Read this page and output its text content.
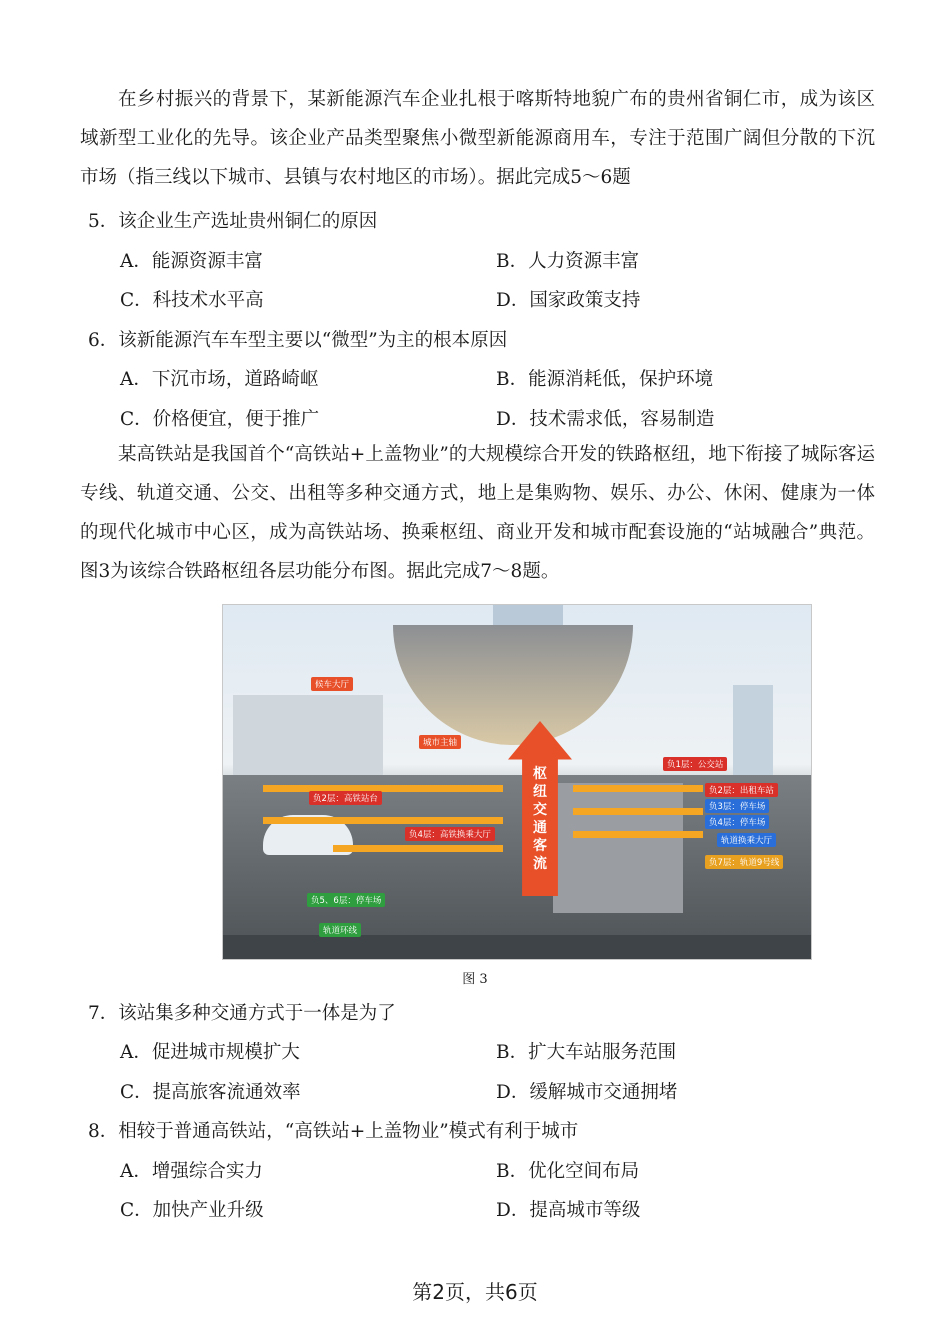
在乡村振兴的背景下，某新能源汽车企业扎根于喀斯特地貌广布的贵州省铜仁市，成为该区域新型工业化的先导。该企业产品类型聚焦小微型新能源商用车，专注于范围广阔但分散的下沉市场（指三线以下城市、县镇与农村地区的市场）。据此完成5～6题
5．该企业生产选址贵州铜仁的原因
A．能源资源丰富	B．人力资源丰富
C．科技术水平高	D．国家政策支持
6．该新能源汽车车型主要以“微型”为主的根本原因
A．下沉市场，道路崎岖	B．能源消耗低，保护环境
C．价格便宜，便于推广	D．技术需求低，容易制造
某高铁站是我国首个“高铁站+上盖物业”的大规模综合开发的铁路枢纽，地下衔接了城际客运专线、轨道交通、公交、出租等多种交通方式，地上是集购物、娱乐、办公、休闲、健康为一体的现代化城市中心区，成为高铁站场、换乘枢纽、商业开发和城市配套设施的“站城融合”典范。图3为该综合铁路枢纽各层功能分布图。据此完成7～8题。
枢纽交通客流
候车大厅
城市主轴
负2层：高铁站台
负4层：高铁换乘大厅
负5、6层：停车场
轨道环线
负1层：公交站
负2层：出租车站
负3层：停车场
负4层：停车场
轨道换乘大厅
负7层：轨道9号线
图 3
7．该站集多种交通方式于一体是为了
A．促进城市规模扩大	B．扩大车站服务范围
C．提高旅客流通效率	D．缓解城市交通拥堵
8．相较于普通高铁站，“高铁站+上盖物业”模式有利于城市
A．增强综合实力	B．优化空间布局
C．加快产业升级	D．提高城市等级
第2页，共6页
